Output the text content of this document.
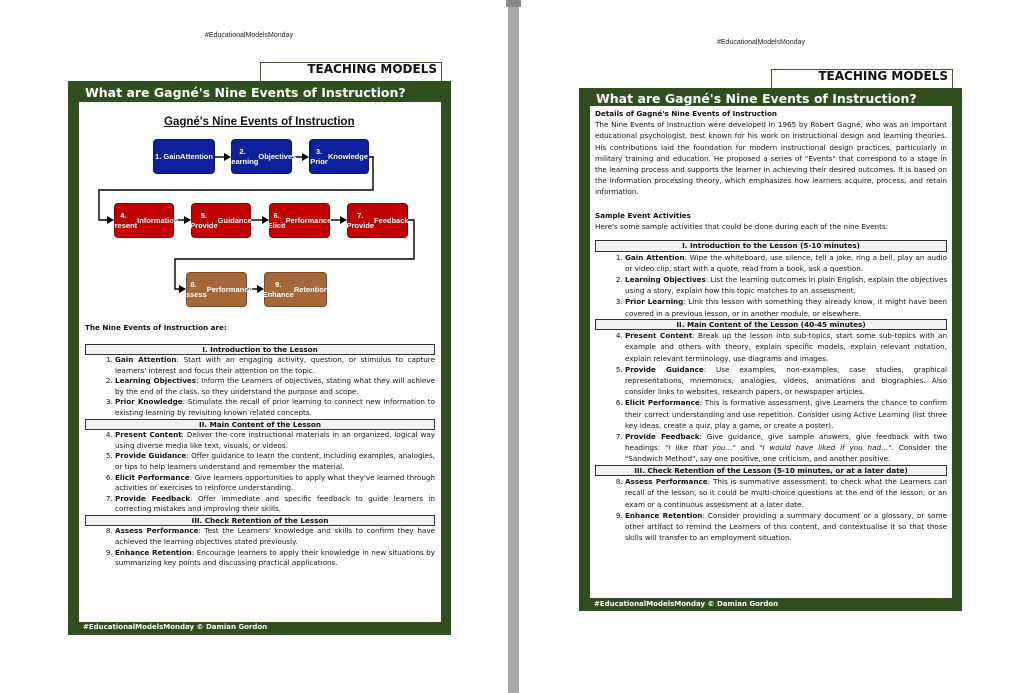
#EducationalModelsMonday
TEACHING MODELS
What are Gagné's Nine Events of Instruction?
Gagné's Nine Events of Instruction
1. Gain Attention
2. Learning

Objectives
3. Prior

Knowledge
4. Present

Information
5. Provide

Guidance
6. Elicit

Performance
7. Provide

Feedback
8. Assess

Performance
9. Enhance

Retention
The Nine Events of Instruction are:
I. Introduction to the Lesson
1. Gain Attention: Start with an engaging activity, question, or stimulus to capture learners' interest and focus their attention on the topic.
2. Learning Objectives: Inform the Learners of objectives, stating what they will achieve by the end of the class, so they understand the purpose and scope.
3. Prior Knowledge: Stimulate the recall of prior learning to connect new information to existing learning by revisiting known related concepts.
II. Main Content of the Lesson
4. Present Content: Deliver the core instructional materials in an organized, logical way using diverse media like text, visuals, or videos.
5. Provide Guidance: Offer guidance to learn the content, including examples, analogies, or tips to help learners understand and remember the material.
6. Elicit Performance: Give learners opportunities to apply what they've learned through activities or exercises to reinforce understanding.
7. Provide Feedback: Offer immediate and specific feedback to guide learners in correcting mistakes and improving their skills.
III. Check Retention of the Lesson
8. Assess Performance: Test the Learners' knowledge and skills to confirm they have achieved the learning objectives stated previously.
9. Enhance Retention: Encourage learners to apply their knowledge in new situations by summarizing key points and discussing practical applications.
#EducationalModelsMonday © Damian Gordon
#EducationalModelsMonday
TEACHING MODELS
What are Gagné's Nine Events of Instruction?
Details of Gagné's Nine Events of Instruction
The Nine Events of Instruction were developed in 1965 by Robert Gagné, who was an important educational psychologist, best known for his work on instructional design and learning theories. His contributions laid the foundation for modern instructional design practices, particularly in military training and education. He proposed a series of "Events" that correspond to a stage in the learning process and supports the learner in achieving their desired outcomes. It is based on the information processing theory, which emphasizes how learners acquire, process, and retain information.
Sample Event Activities
Here's some sample activities that could be done during each of the nine Events:
I. Introduction to the Lesson (5-10 minutes)
1. Gain Attention: Wipe the whiteboard, use silence, tell a joke, ring a bell, play an audio or video clip, start with a quote, read from a book, ask a question.
2. Learning Objectives: List the learning outcomes in plain English, explain the objectives using a story, explain how this topic matches to an assessment.
3. Prior Learning: Link this lesson with something they already know, it might have been covered in a previous lesson, or in another module, or elsewhere.
II. Main Content of the Lesson (40-45 minutes)
4. Present Content: Break up the lesson into sub-topics, start some sub-topics with an example and others with theory, explain specific models, explain relevant notation, explain relevant terminology, use diagrams and images.
5. Provide Guidance: Use examples, non-examples, case studies, graphical representations, mnemonics, analogies, videos, animations and biographies. Also consider links to websites, research papers, or newspaper articles.
6. Elicit Performance: This is formative assessment, give Learners the chance to confirm their correct understanding and use repetition. Consider using Active Learning (list three key ideas, create a quiz, play a game, or create a poster).
7. Provide Feedback: Give guidance, give sample answers, give feedback with two headings: "I like that you…" and "I would have liked if you had…". Consider the "Sandwich Method", say one positive, one criticism, and another positive.
III. Check Retention of the Lesson (5-10 minutes, or at a later date)
8. Assess Performance: This is summative assessment, to check what the Learners can recall of the lesson, so it could be multi-choice questions at the end of the lesson; or an exam or a continuous assessment at a later date.
9. Enhance Retention: Consider providing a summary document or a glossary, or some other artifact to remind the Learners of this content, and contextualise it so that those skills will transfer to an employment situation.
#EducationalModelsMonday © Damian Gordon
